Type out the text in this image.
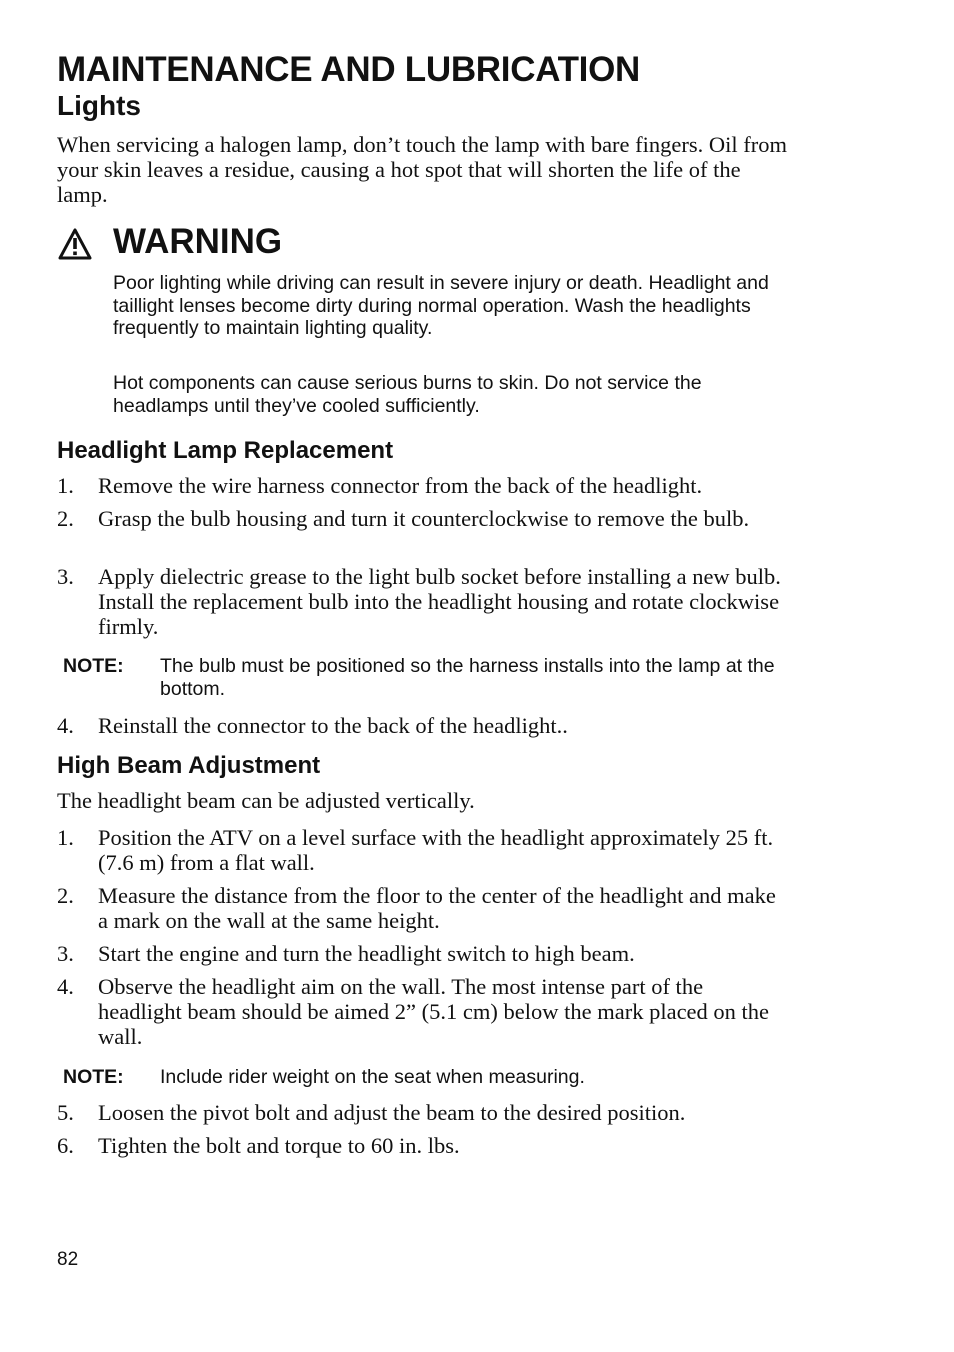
MAINTENANCE AND LUBRICATION
Lights
When servicing a halogen lamp, don’t touch the lamp with bare fingers. Oil from your skin leaves a residue, causing a hot spot that will shorten the life of the lamp.
WARNING
Poor lighting while driving can result in severe injury or death. Headlight and taillight lenses become dirty during normal operation. Wash the headlights frequently to maintain lighting quality.
Hot components can cause serious burns to skin. Do not service the headlamps until they’ve cooled sufficiently.
Headlight Lamp Replacement
1. Remove the wire harness connector from the back of the headlight.
2. Grasp the bulb housing and turn it counterclockwise to remove the bulb.
3. Apply dielectric grease to the light bulb socket before installing a new bulb. Install the replacement bulb into the headlight housing and rotate clockwise firmly.
NOTE: The bulb must be positioned so the harness installs into the lamp at the bottom.
4. Reinstall the connector to the back of the headlight..
High Beam Adjustment
The headlight beam can be adjusted vertically.
1. Position the ATV on a level surface with the headlight approximately 25 ft. (7.6 m) from a flat wall.
2. Measure the distance from the floor to the center of the headlight and make a mark on the wall at the same height.
3. Start the engine and turn the headlight switch to high beam.
4. Observe the headlight aim on the wall. The most intense part of the headlight beam should be aimed 2” (5.1 cm) below the mark placed on the wall.
NOTE: Include rider weight on the seat when measuring.
5. Loosen the pivot bolt and adjust the beam to the desired position.
6. Tighten the bolt and torque to 60 in. lbs.
82
